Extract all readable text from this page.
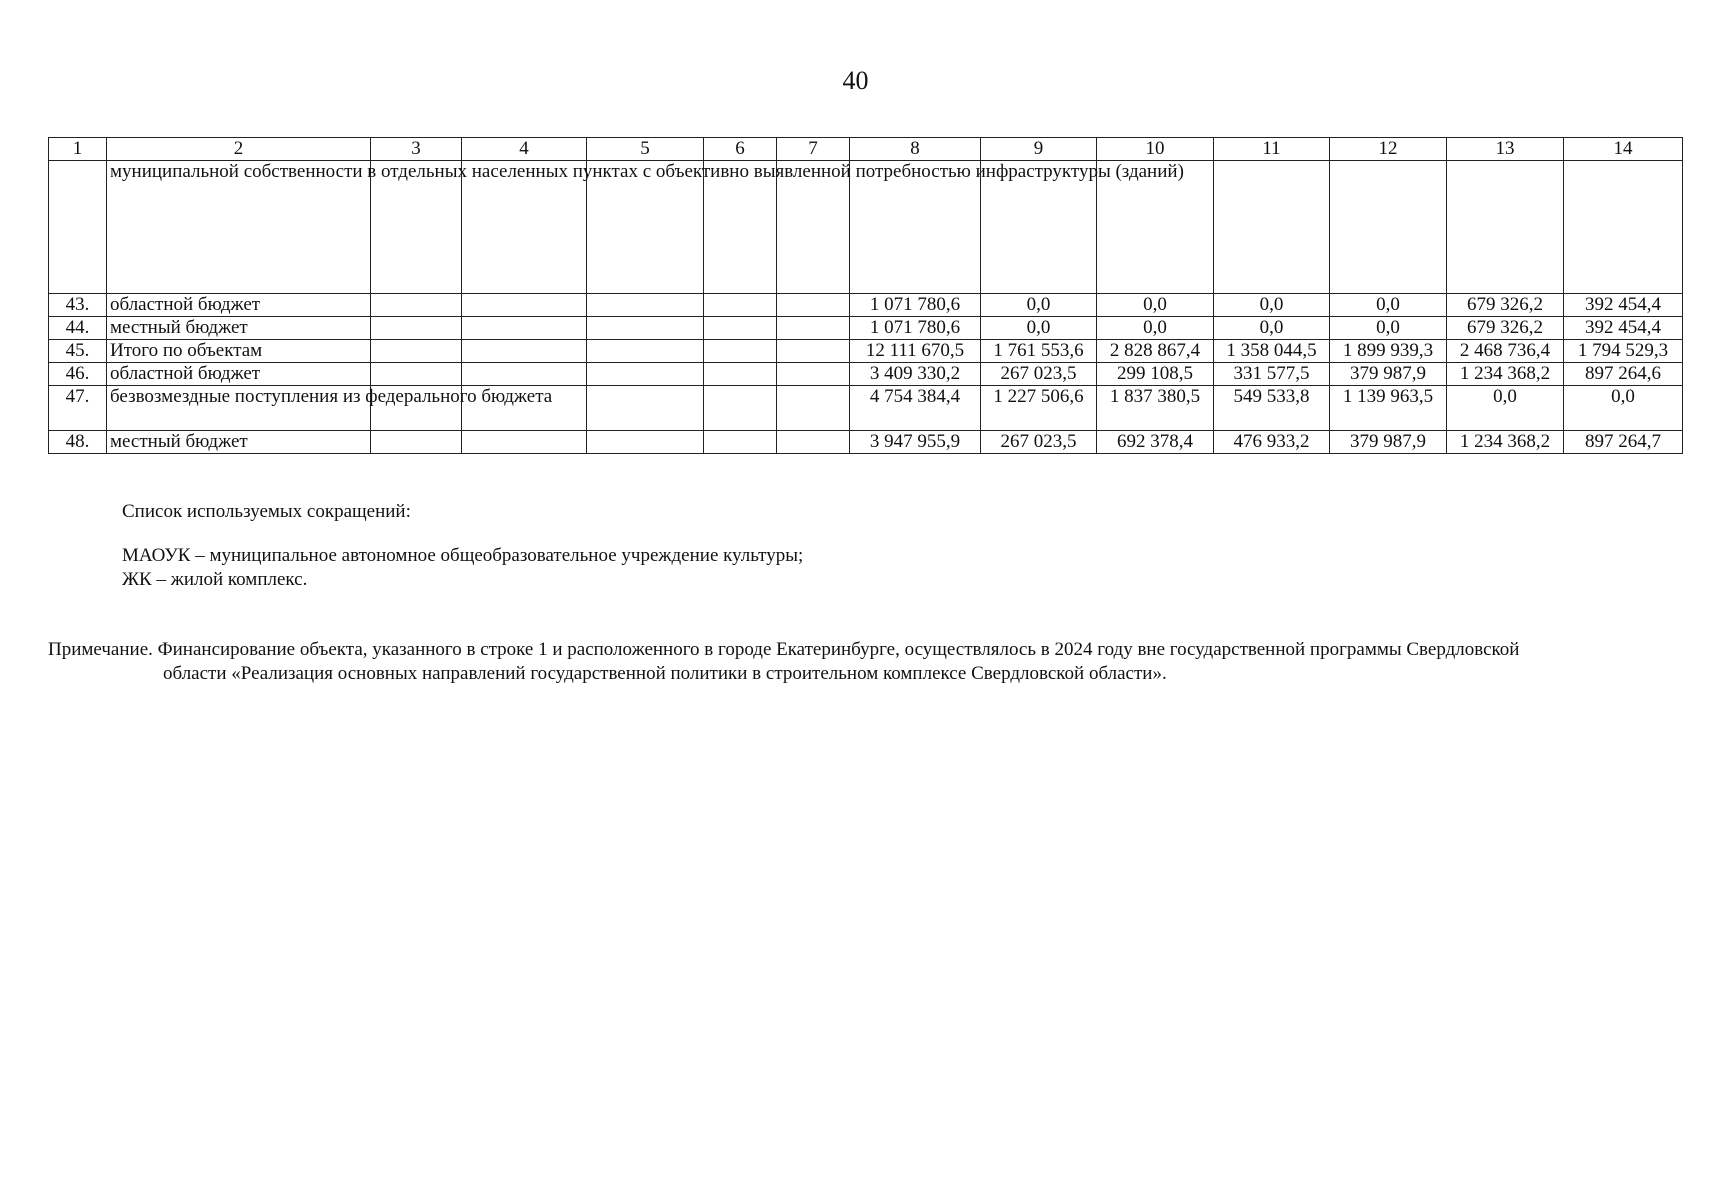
40
1	2	3	4	5	6	7	8	9	10	11	12	13	14
	муниципальной собственности в отдельных населенных пунктах с объективно выявленной потребностью инфраструктуры (зданий)												
43.	областной бюджет						1 071 780,6	0,0	0,0	0,0	0,0	679 326,2	392 454,4
44.	местный бюджет						1 071 780,6	0,0	0,0	0,0	0,0	679 326,2	392 454,4
45.	Итого по объектам						12 111 670,5	1 761 553,6	2 828 867,4	1 358 044,5	1 899 939,3	2 468 736,4	1 794 529,3
46.	областной бюджет						3 409 330,2	267 023,5	299 108,5	331 577,5	379 987,9	1 234 368,2	897 264,6
47.	безвозмездные поступления из федерального бюджета						4 754 384,4	1 227 506,6	1 837 380,5	549 533,8	1 139 963,5	0,0	0,0
48.	местный бюджет						3 947 955,9	267 023,5	692 378,4	476 933,2	379 987,9	1 234 368,2	897 264,7
Список используемых сокращений:
МАОУК – муниципальное автономное общеобразовательное учреждение культуры;
ЖК – жилой комплекс.
Примечание. Финансирование объекта, указанного в строке 1 и расположенного в городе Екатеринбурге, осуществлялось в 2024 году вне государственной программы Свердловской
области «Реализация основных направлений государственной политики в строительном комплексе Свердловской области».
